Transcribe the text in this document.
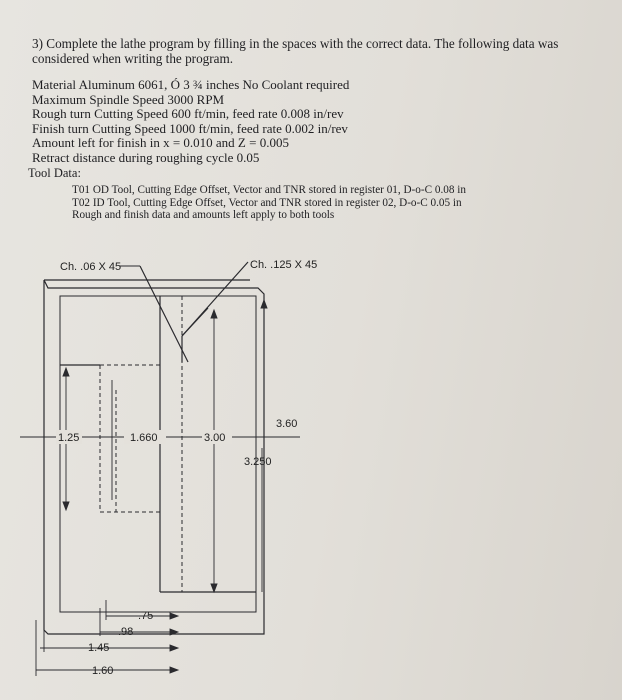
3) Complete the lathe program by filling in the spaces with the correct data. The following data was considered when writing the program.

Material Aluminum 6061, Ó 3 ¾ inches No Coolant required
Maximum Spindle Speed 3000 RPM
Rough turn Cutting Speed 600 ft/min, feed rate 0.008 in/rev
Finish turn Cutting Speed 1000 ft/min, feed rate 0.002 in/rev
Amount left for finish in x = 0.010 and Z = 0.005
Retract distance during roughing cycle 0.05
Tool Data:
T01 OD Tool, Cutting Edge Offset, Vector and TNR stored in register 01, D-o-C 0.08 in
T02 ID Tool, Cutting Edge Offset, Vector and TNR stored in register 02, D-o-C 0.05 in
Rough and finish data and amounts left apply to both tools
Ch. .06 X 45	Ch. .125 X 45
3.60
1.25	1.660	3.00
3.250
.75
.98
1.45
1.60
